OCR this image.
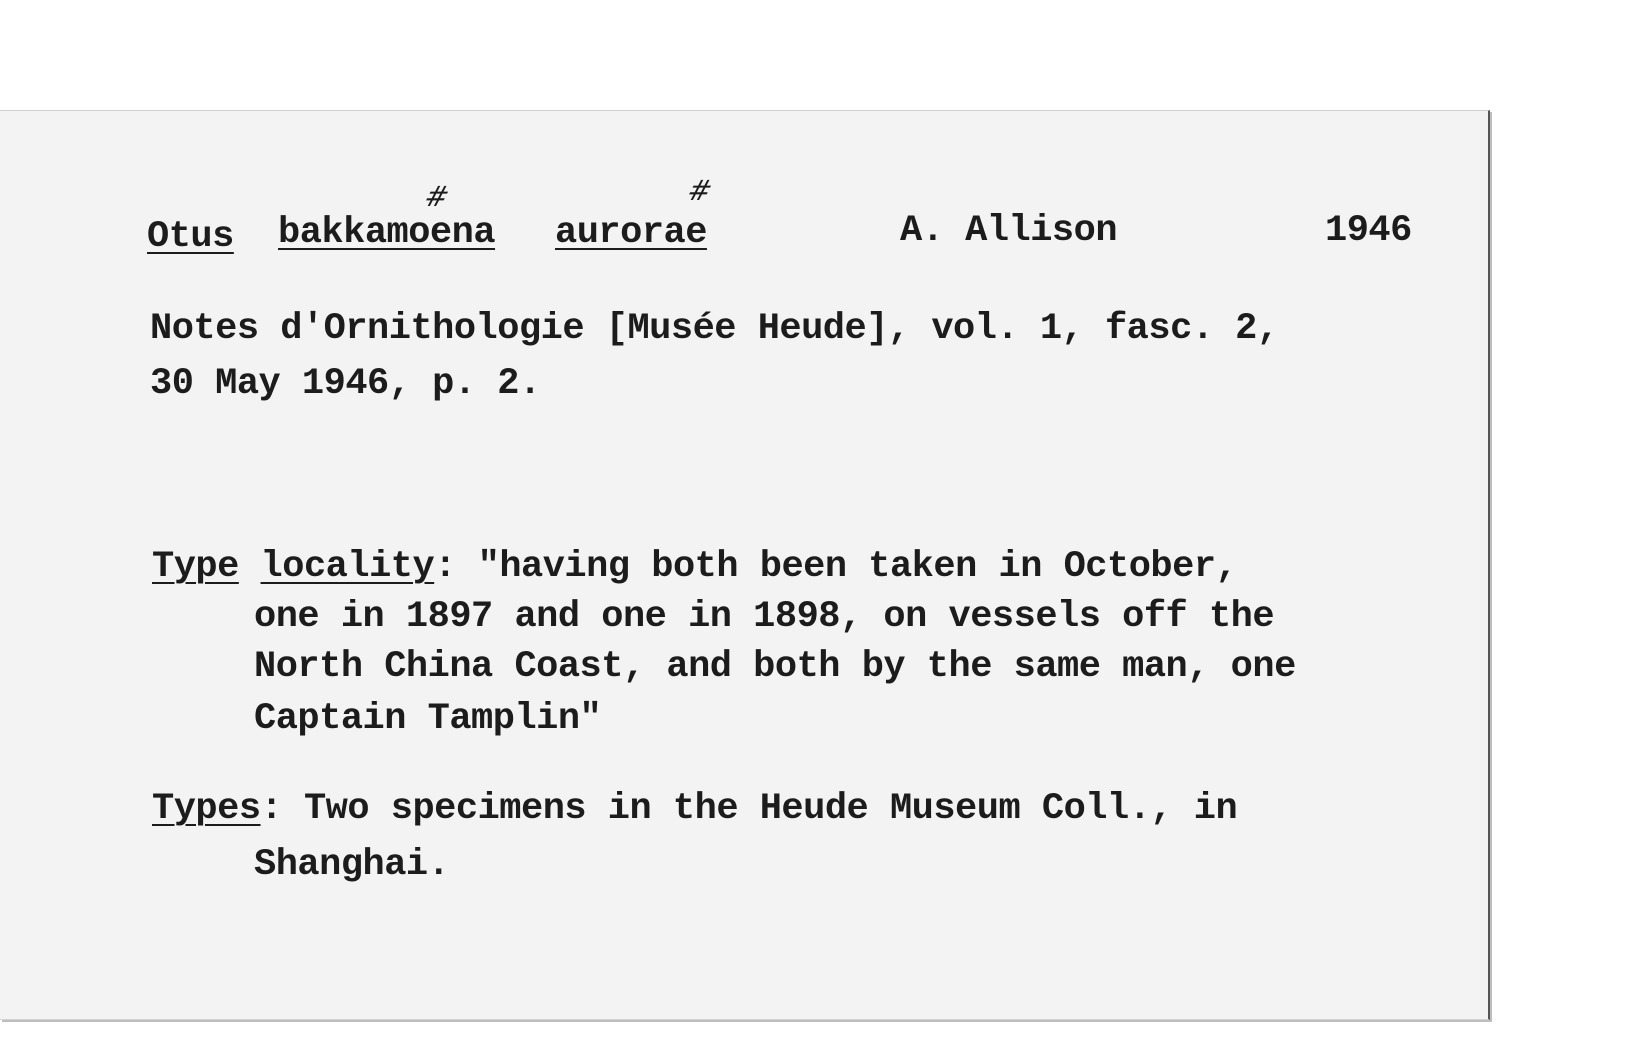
#	#
Otus bakkamoena aurorae	A. Allison	1946
Notes d'Ornithologie [Musée Heude], vol. 1, fasc. 2,
30 May 1946, p. 2.
Type locality: "having both been taken in October,
one in 1897 and one in 1898, on vessels off the
North China Coast, and both by the same man, one
Captain Tamplin"
Types: Two specimens in the Heude Museum Coll., in
Shanghai.
